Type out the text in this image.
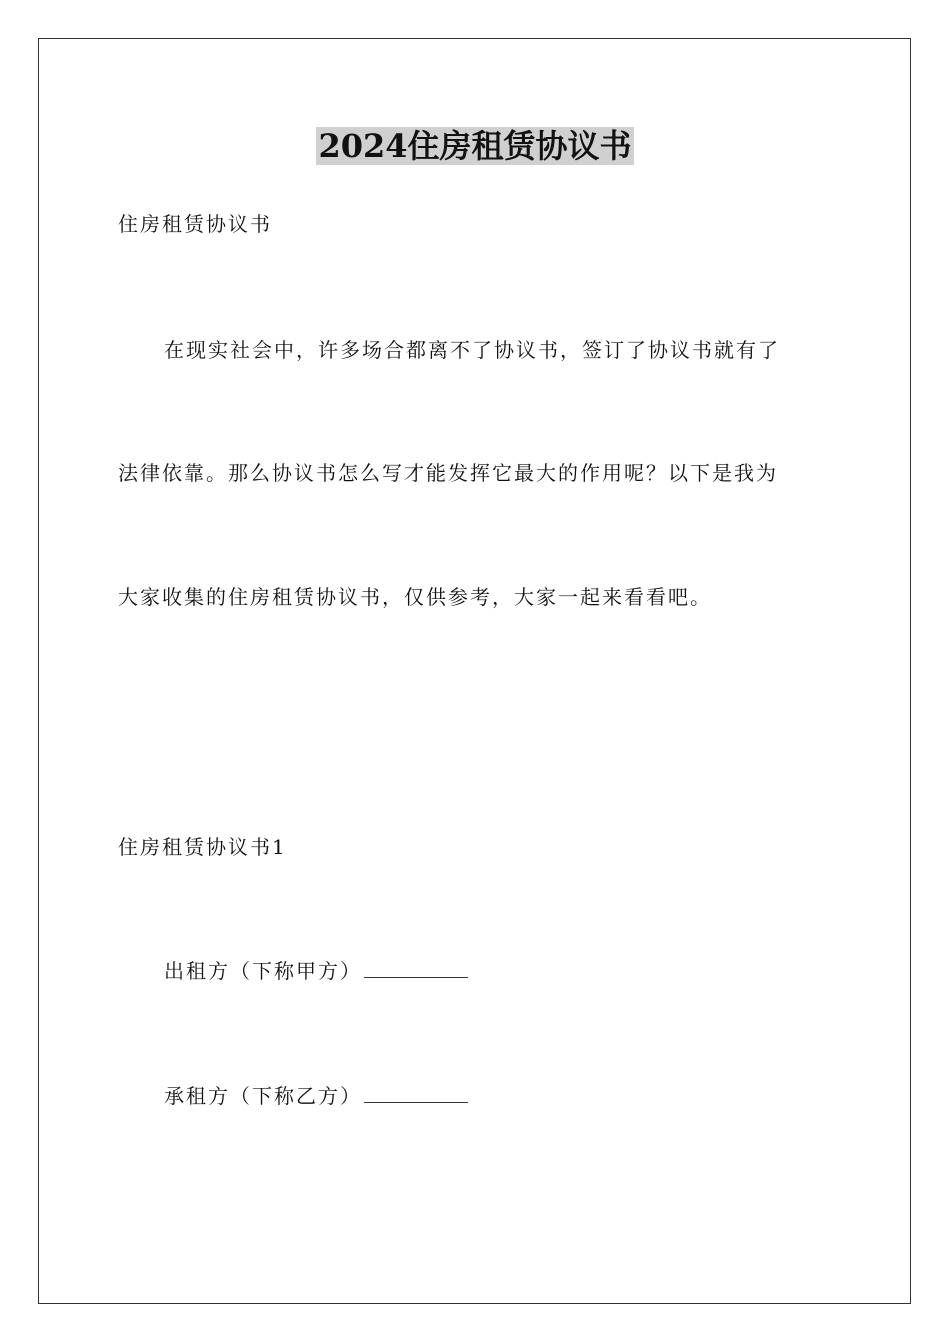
2024住房租赁协议书
住房租赁协议书
在现实社会中，许多场合都离不了协议书，签订了协议书就有了
法律依靠。那么协议书怎么写才能发挥它最大的作用呢？以下是我为
大家收集的住房租赁协议书，仅供参考，大家一起来看看吧。
住房租赁协议书1
出租方（下称甲方）
承租方（下称乙方）
